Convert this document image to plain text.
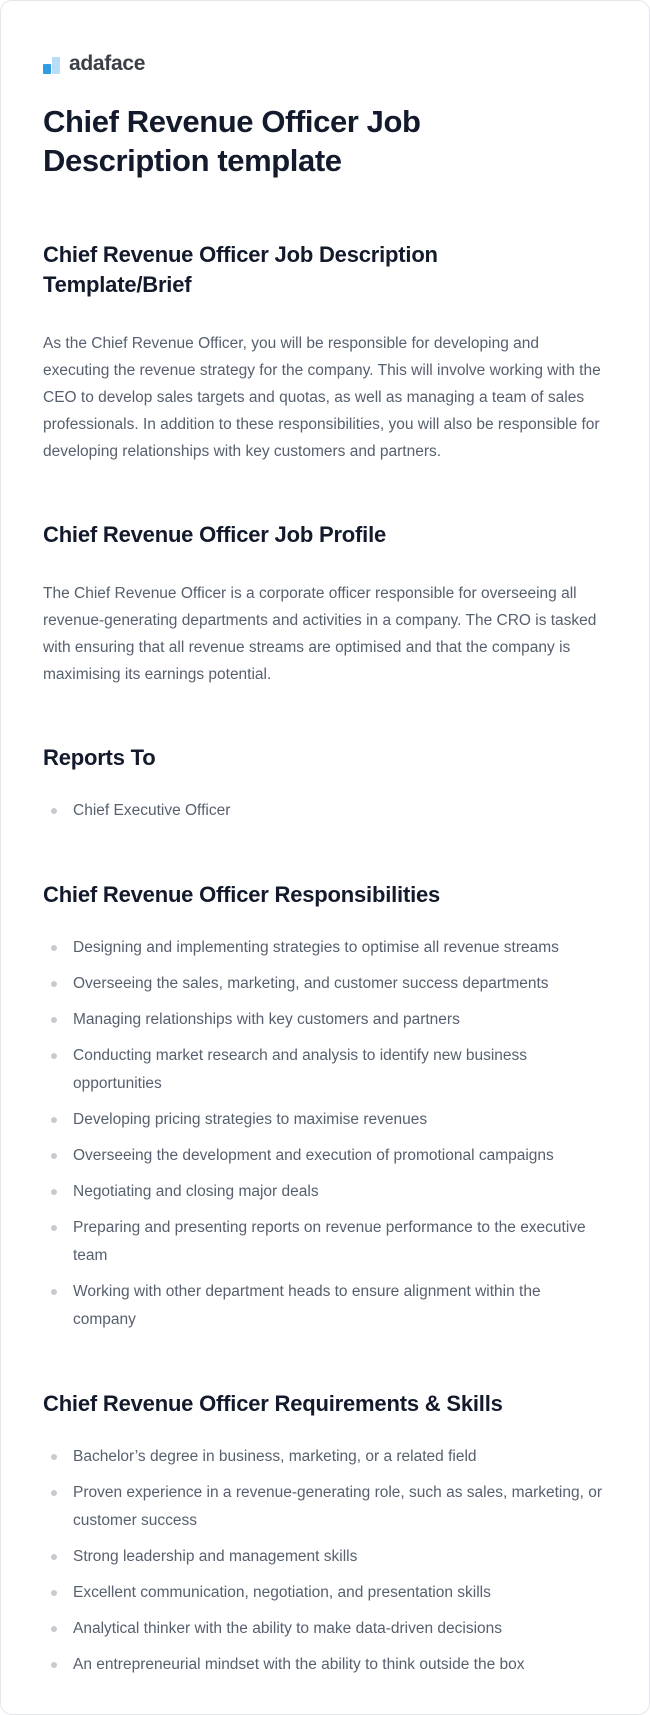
adaface
Chief Revenue Officer Job Description template
Chief Revenue Officer Job Description Template/Brief

As the Chief Revenue Officer, you will be responsible for developing and executing the revenue strategy for the company. This will involve working with the CEO to develop sales targets and quotas, as well as managing a team of sales professionals. In addition to these responsibilities, you will also be responsible for developing relationships with key customers and partners.

Chief Revenue Officer Job Profile

The Chief Revenue Officer is a corporate officer responsible for overseeing all revenue-generating departments and activities in a company. The CRO is tasked with ensuring that all revenue streams are optimised and that the company is maximising its earnings potential.

Reports To
Chief Executive Officer
Chief Revenue Officer Responsibilities
Designing and implementing strategies to optimise all revenue streams
Overseeing the sales, marketing, and customer success departments
Managing relationships with key customers and partners
Conducting market research and analysis to identify new business opportunities
Developing pricing strategies to maximise revenues
Overseeing the development and execution of promotional campaigns
Negotiating and closing major deals
Preparing and presenting reports on revenue performance to the executive team
Working with other department heads to ensure alignment within the company
Chief Revenue Officer Requirements & Skills
Bachelor’s degree in business, marketing, or a related field
Proven experience in a revenue-generating role, such as sales, marketing, or customer success
Strong leadership and management skills
Excellent communication, negotiation, and presentation skills
Analytical thinker with the ability to make data-driven decisions
An entrepreneurial mindset with the ability to think outside the box
